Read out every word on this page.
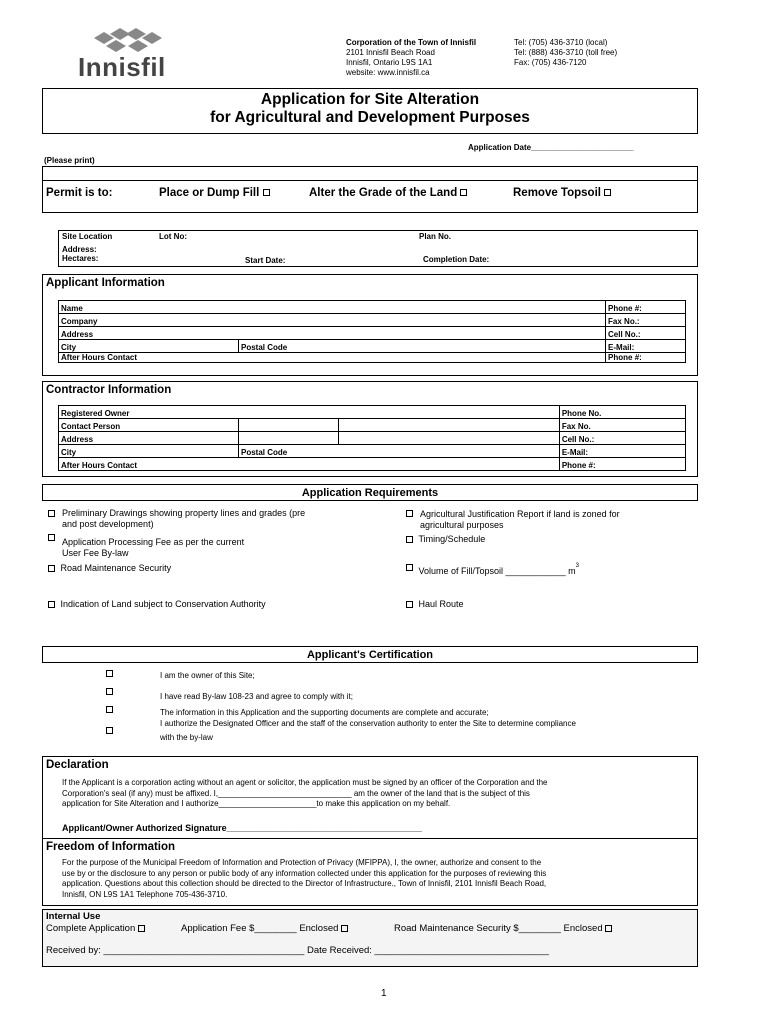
Innisfil
Corporation of the Town of Innisfil
2101 Innisfil Beach Road
Innisfil, Ontario L9S 1A1
website: www.innisfil.ca
Tel: (705) 436-3710 (local)
Tel: (888) 436-3710 (toll free)
Fax: (705) 436-7120
Application for Site Alteration
for Agricultural and Development Purposes
Application Date_______________________
(Please print)
Permit is to:	Place or Dump Fill	Alter the Grade of the Land	Remove Topsoil
Site Location	Lot No:	Plan No.
Address:
Hectares:	Start Date:	Completion Date:
Applicant Information
Name		Phone #:
Company		Fax No.:
Address		Cell No.:
City	Postal Code	E-Mail:
After Hours Contact		Phone #:
Contractor Information
Registered Owner			Phone No.
Contact Person			Fax No.
Address			Cell No.:
City	Postal Code		E-Mail:
After Hours Contact			Phone #:
Application Requirements
Preliminary Drawings showing property lines and grades (pre
and post development)
Application Processing Fee as per the current
User Fee By-law
Road Maintenance Security
Indication of Land subject to Conservation Authority
Agricultural Justification Report if land is zoned for
agricultural purposes
Timing/Schedule
Volume of Fill/Topsoil ____________ $m^3$
Haul Route
Applicant's Certification
I am the owner of this Site;
I have read By-law 108-23 and agree to comply with it;
The information in this Application and the supporting documents are complete and accurate;
I authorize the Designated Officer and the staff of the conservation authority to enter the Site to determine compliance
with the by-law
Declaration
If the Applicant is a corporation acting without an agent or solicitor, the application must be signed by an officer of the Corporation and the
Corporation's seal (if any) must be affixed. I,______________________________ am the owner of the land that is the subject of this
application for Site Alteration and I authorize______________________to make this application on my behalf.
Applicant/Owner Authorized Signature_______________________________________
Freedom of Information
For the purpose of the Municipal Freedom of Information and Protection of Privacy (MFIPPA), I, the owner, authorize and consent to the
use by or the disclosure to any person or public body of any information collected under this application for the purposes of reviewing this
application. Questions about this collection should be directed to the Director of Infrastructure., Town of Innisfil, 2101 Innisfil Beach Road,
Innisfil, ON L9S 1A1 Telephone 705-436-3710.
Internal Use
Complete Application	Application Fee $________ Enclosed	Road Maintenance Security $________ Enclosed
Received by: ______________________________________ Date Received: _________________________________
1
